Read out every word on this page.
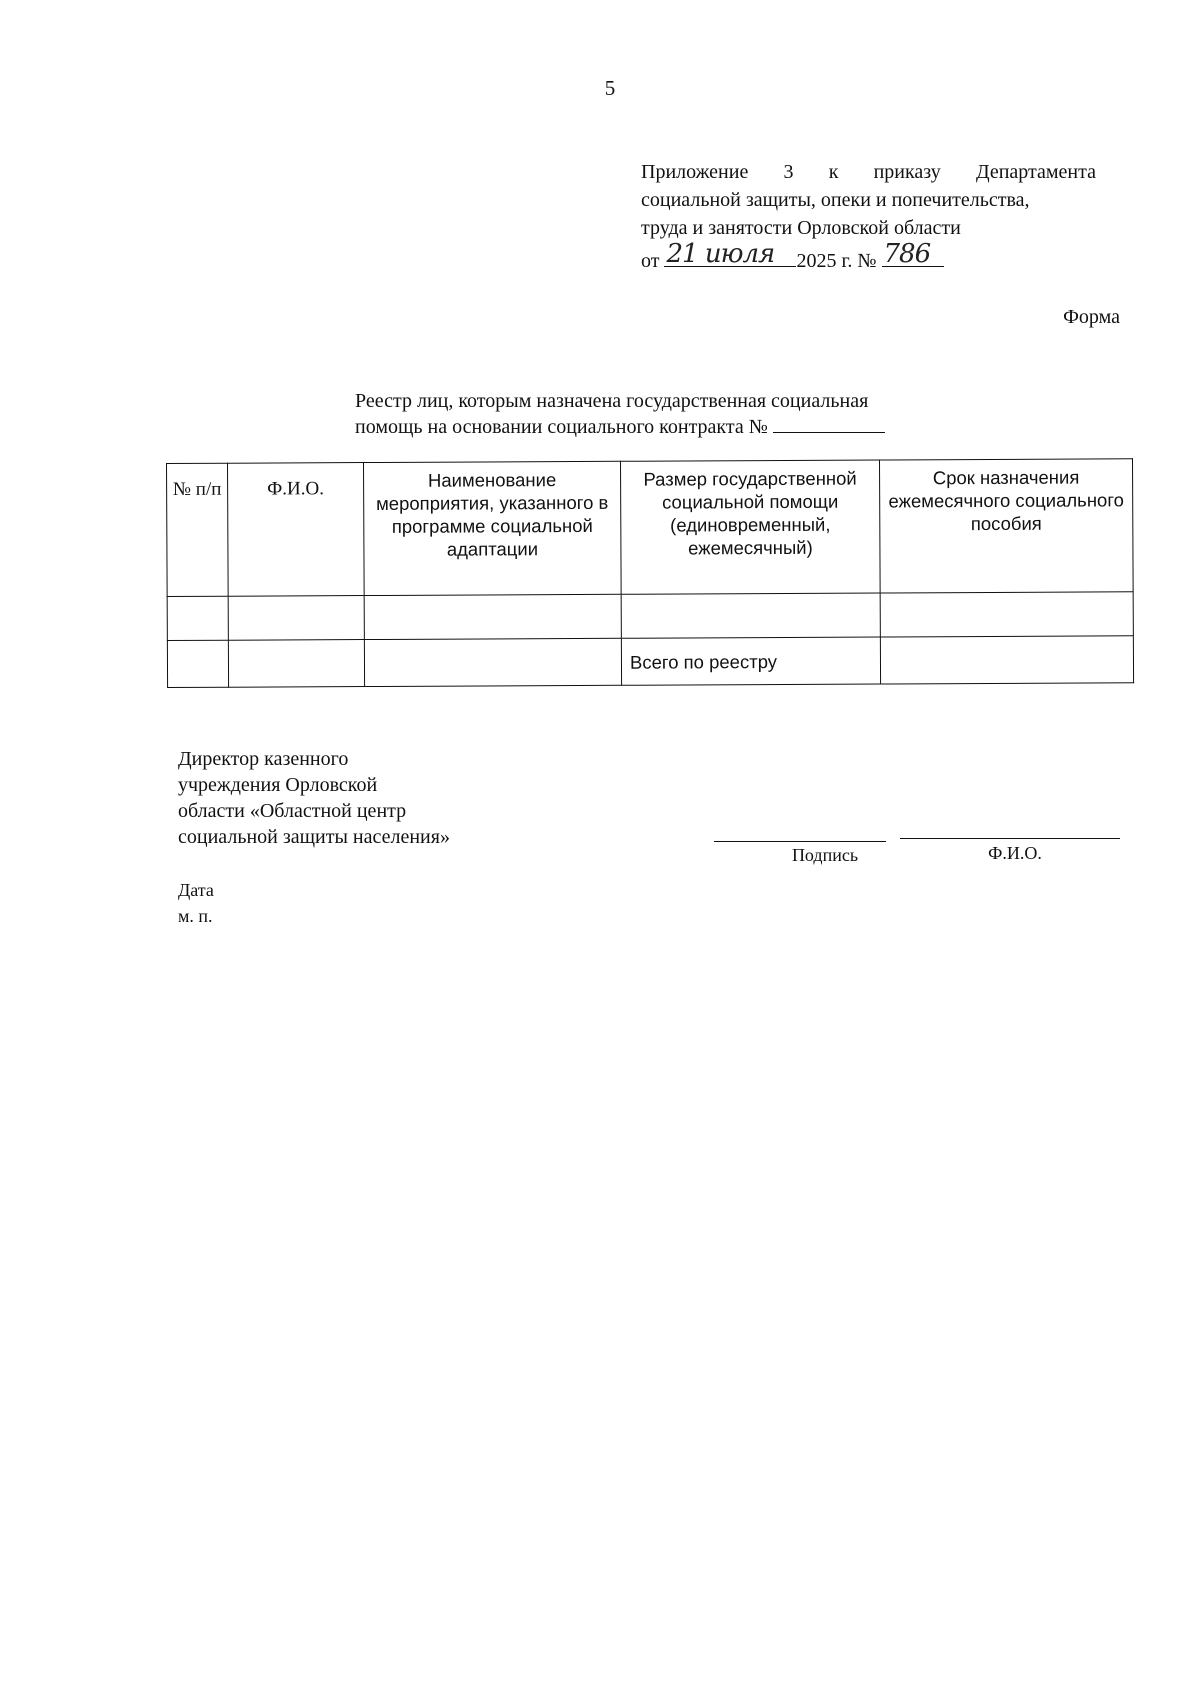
5
Приложение 3 к приказу Департамента
социальной защиты, опеки и попечительства,
труда и занятости Орловской области
от 21 июля 2025 г. № 786
Форма
Реестр лиц, которым назначена государственная социальная
помощь на основании социального контракта №
№ п/п	Ф.И.О.	Наименование мероприятия, указанного в программе социальной адаптации	Размер государственной социальной помощи (единовременный, ежемесячный)	Срок назначения ежемесячного социального пособия

			Всего по реестру	
Директор казенного
учреждения Орловской
области «Областной центр
социальной защиты населения»
Подпись	Ф.И.О.
Дата
м. п.
